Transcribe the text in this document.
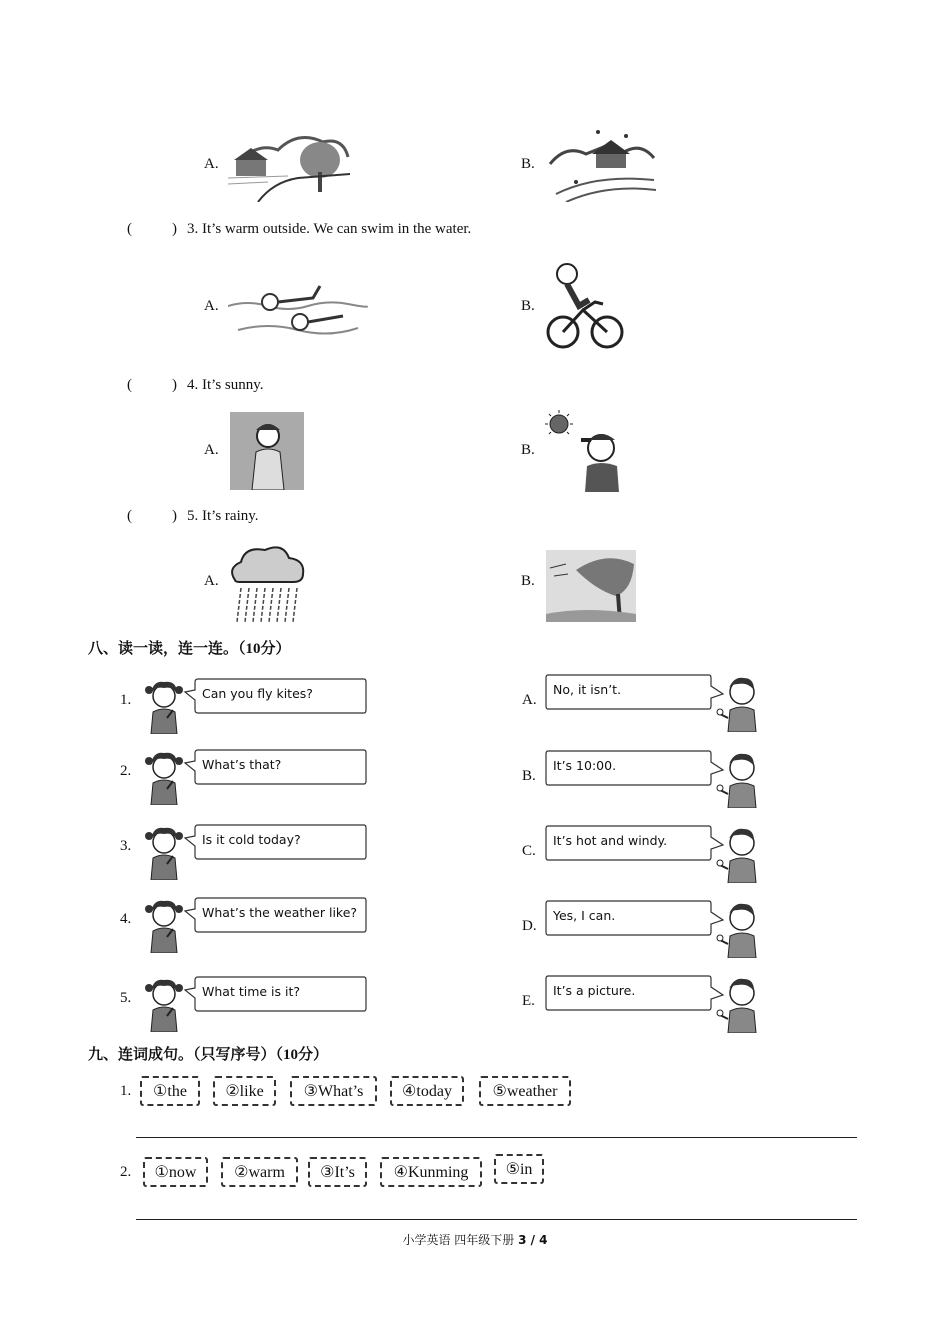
A.	B.
(	) 3. It’s warm outside. We can swim in the water.
A.	B.
(	) 4. It’s sunny.
A.	B.
(	) 5. It’s rainy.
A.	B.
八、读一读，连一连。（10分）
1.	Can you fly kites?
2.	What’s that?
3.	Is it cold today?
4.	What’s the weather like?
5.	What time is it?
A.
No, it isn’t.
B.
It’s 10:00.
C.
It’s hot and windy.
D.
Yes, I can.
E.
It’s a picture.
九、连词成句。（只写序号）（10分）
1.	①the	②like	③What’s	④today	⑤weather
2.	①now	②warm	③It’s	④Kunming	⑤in
小学英语 四年级下册 3 / 4
